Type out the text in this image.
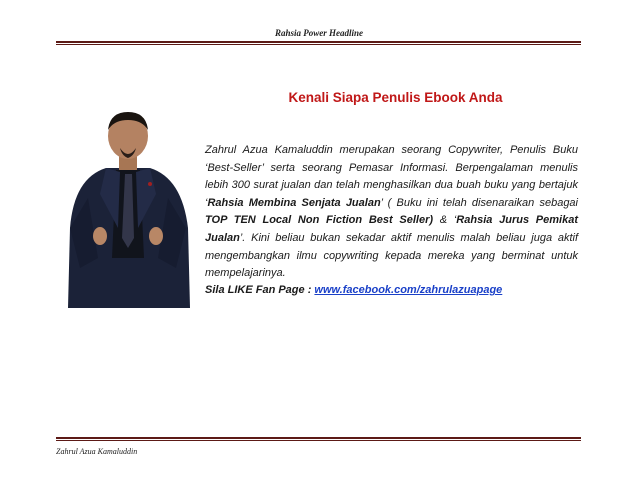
Rahsia Power Headline
Kenali Siapa Penulis Ebook Anda
Zahrul Azua Kamaluddin merupakan seorang Copywriter, Penulis Buku ‘Best-Seller’ serta seorang Pemasar Informasi. Berpengalaman menulis lebih 300 surat jualan dan telah menghasilkan dua buah buku yang bertajuk ‘Rahsia Membina Senjata Jualan’ ( Buku ini telah disenaraikan sebagai TOP TEN Local Non Fiction Best Seller) & ‘Rahsia Jurus Pemikat Jualan’. Kini beliau bukan sekadar aktif menulis malah beliau juga aktif mengembangkan ilmu copywriting kepada mereka yang berminat untuk mempelajarinya.
Sila LIKE Fan Page : www.facebook.com/zahrulazuapage
Zahrul Azua Kamaluddin
